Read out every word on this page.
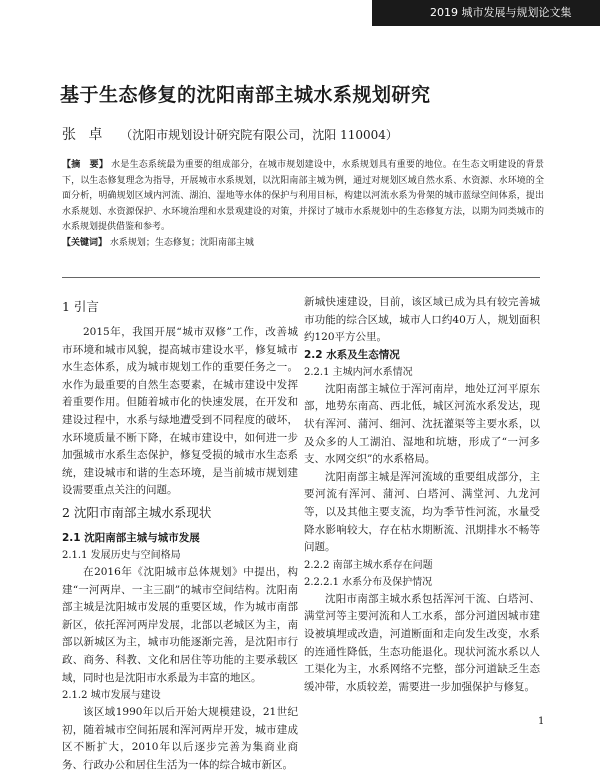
2019 城市发展与规划论文集
基于生态修复的沈阳南部主城水系规划研究
张 卓 （沈阳市规划设计研究院有限公司，沈阳 110004）
【摘　要】 水是生态系统最为重要的组成部分，在城市规划建设中，水系规划具有重要的地位。在生态文明建设的背景下，以生态修复理念为指导，开展城市水系规划，以沈阳南部主城为例，通过对规划区域自然水系、水资源、水环境的全面分析，明确规划区域内河流、湖泊、湿地等水体的保护与利用目标，构建以河流水系为骨架的城市蓝绿空间体系，提出水系规划、水资源保护、水环境治理和水景观建设的对策，并探讨了城市水系规划中的生态修复方法，以期为同类城市的水系规划提供借鉴和参考。
【关键词】 水系规划；生态修复；沈阳南部主城
1 引言

2015年，我国开展“城市双修”工作，改善城市环境和城市风貌，提高城市建设水平，修复城市水生态体系，成为城市规划工作的重要任务之一。水作为最重要的自然生态要素，在城市建设中发挥着重要作用。但随着城市化的快速发展，在开发和建设过程中，水系与绿地遭受到不同程度的破坏，水环境质量不断下降，在城市建设中，如何进一步加强城市水系生态保护，修复受损的城市水生态系统，建设城市和谐的生态环境，是当前城市规划建设需要重点关注的问题。

2 沈阳市南部主城水系现状
2.1 沈阳南部主城与城市发展
2.1.1 发展历史与空间格局

在2016年《沈阳城市总体规划》中提出，构建“一河两岸、一主三副”的城市空间结构。沈阳南部主城是沈阳城市发展的重要区域，作为城市南部新区，依托浑河两岸发展，北部以老城区为主，南部以新城区为主，城市功能逐渐完善，是沈阳市行政、商务、科教、文化和居住等功能的主要承载区域，同时也是沈阳市水系最为丰富的地区。

2.1.2 城市发展与建设

该区域1990年以后开始大规模建设，21世纪初，随着城市空间拓展和浑河两岸开发，城市建成区不断扩大，2010年以后逐步完善为集商业商务、行政办公和居住生活为一体的综合城市新区。

新城快速建设，目前，该区域已成为具有较完善城市功能的综合区域，城市人口约40万人，规划面积约120平方公里。

2.2 水系及生态情况
2.2.1 主城内河水系情况

沈阳南部主城位于浑河南岸，地处辽河平原东部，地势东南高、西北低，城区河流水系发达，现状有浑河、蒲河、细河、沈抚灌渠等主要水系，以及众多的人工湖泊、湿地和坑塘，形成了“一河多支、水网交织”的水系格局。

沈阳南部主城是浑河流域的重要组成部分，主要河流有浑河、蒲河、白塔河、满堂河、九龙河等，以及其他主要支流，均为季节性河流，水量受降水影响较大，存在枯水期断流、汛期排水不畅等问题。

2.2.2 南部主城水系存在问题
2.2.2.1 水系分布及保护情况

沈阳市南部主城水系包括浑河干流、白塔河、满堂河等主要河流和人工水系，部分河道因城市建设被填埋或改造，河道断面和走向发生改变，水系的连通性降低，生态功能退化。现状河流水系以人工渠化为主，水系网络不完整，部分河道缺乏生态缓冲带，水质较差，需要进一步加强保护与修复。

1
